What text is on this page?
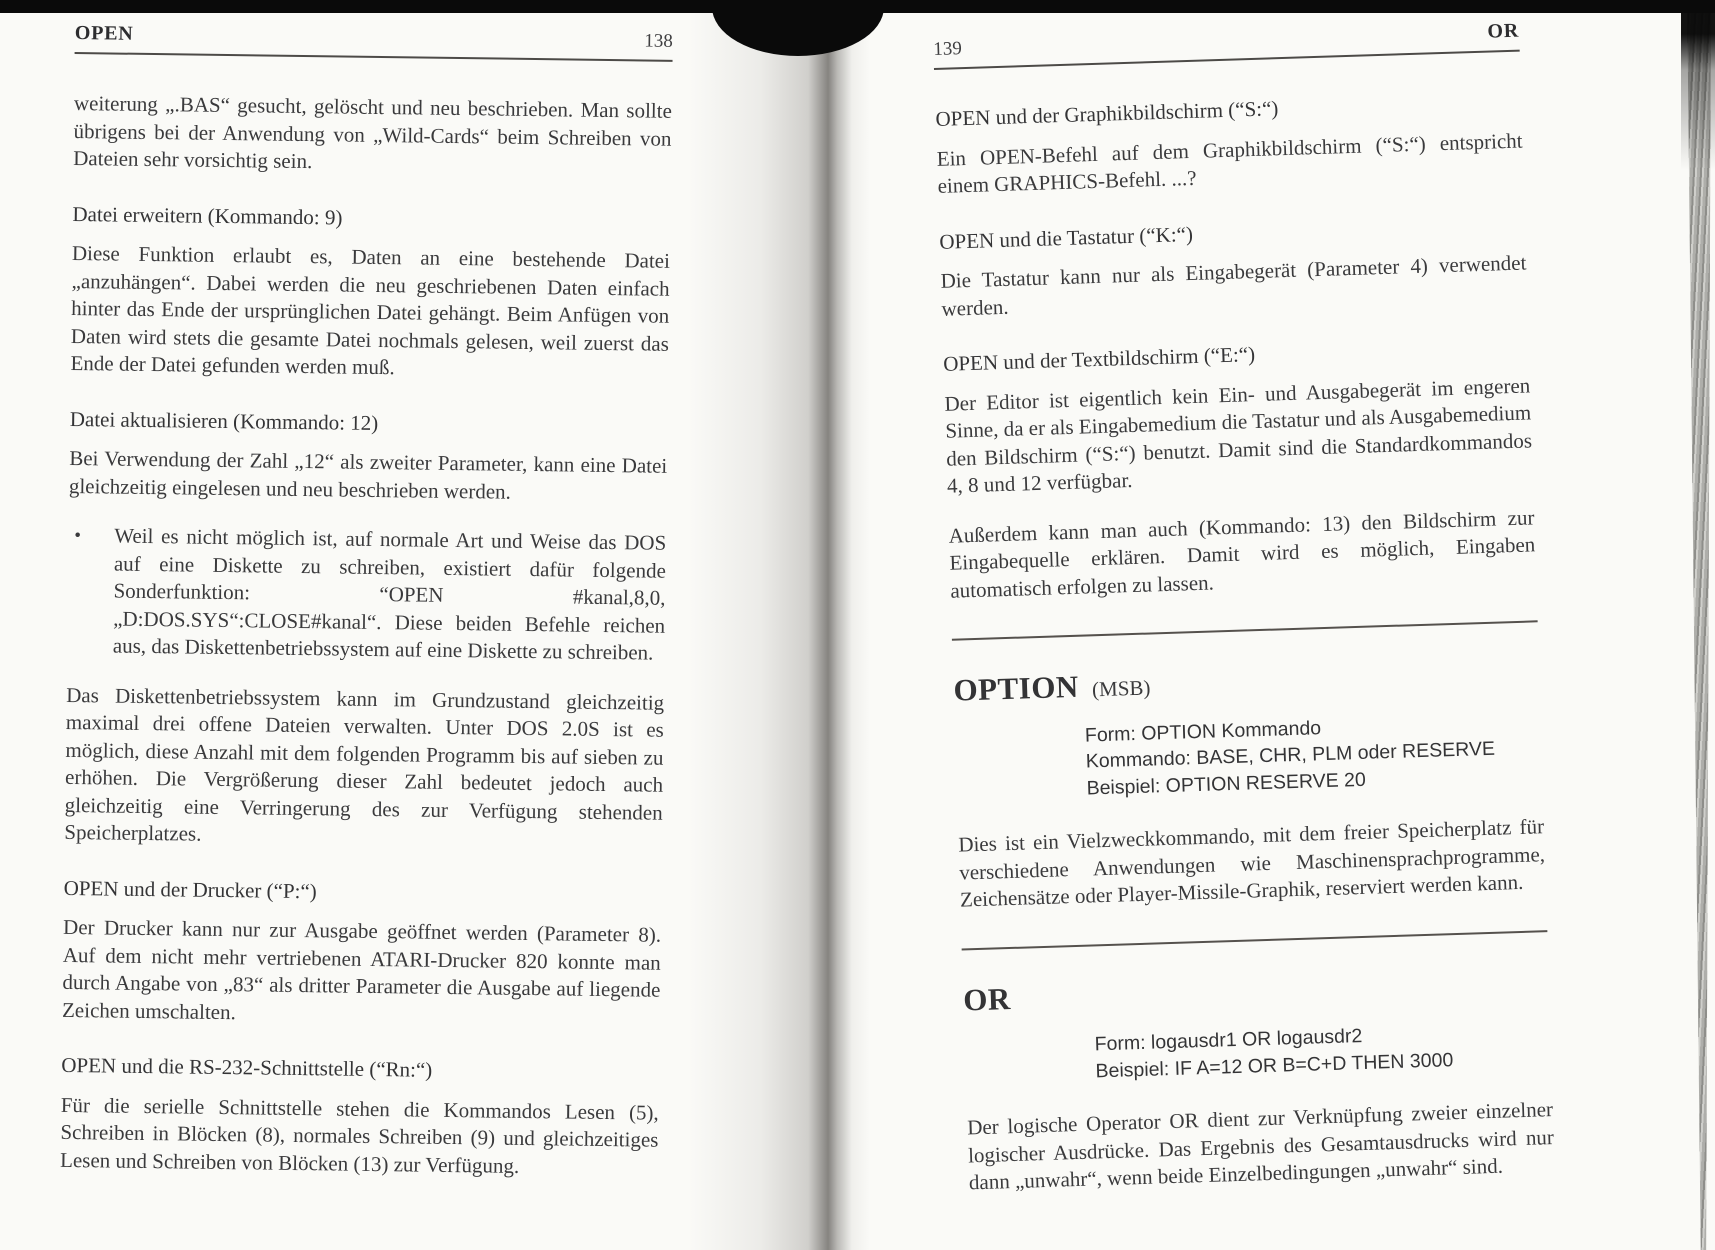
OPEN	138

weiterung „.BAS“ gesucht, gelöscht und neu beschrieben. Man sollte übrigens bei der Anwendung von „Wild-Cards“ beim Schreiben von Dateien sehr vorsichtig sein.

Datei erweitern (Kommando: 9)

Diese Funktion erlaubt es, Daten an eine bestehende Datei „anzuhängen“. Dabei werden die neu geschriebenen Daten einfach hinter das Ende der ursprünglichen Datei gehängt. Beim Anfügen von Daten wird stets die gesamte Datei nochmals gelesen, weil zuerst das Ende der Datei gefunden werden muß.

Datei aktualisieren (Kommando: 12)

Bei Verwendung der Zahl „12“ als zweiter Parameter, kann eine Datei gleichzeitig eingelesen und neu beschrieben werden.

•	Weil es nicht möglich ist, auf normale Art und Weise das DOS auf eine Diskette zu schreiben, existiert dafür folgende Sonderfunktion: “OPEN #kanal,8,0,„D:DOS.SYS“:CLOSE#kanal“. Diese beiden Befehle reichen aus, das Diskettenbetriebssystem auf eine Diskette zu schreiben.

Das Diskettenbetriebssystem kann im Grundzustand gleichzeitig maximal drei offene Dateien verwalten. Unter DOS 2.0S ist es möglich, diese Anzahl mit dem folgenden Programm bis auf sieben zu erhöhen. Die Vergrößerung dieser Zahl bedeutet jedoch auch gleichzeitig eine Verringerung des zur Verfügung stehenden Speicherplatzes.

OPEN und der Drucker (“P:“)

Der Drucker kann nur zur Ausgabe geöffnet werden (Parameter 8). Auf dem nicht mehr vertriebenen ATARI-Drucker 820 konnte man durch Angabe von „83“ als dritter Parameter die Ausgabe auf liegende Zeichen umschalten.

OPEN und die RS-232-Schnittstelle (“Rn:“)

Für die serielle Schnittstelle stehen die Kommandos Lesen (5), Schreiben in Blöcken (8), normales Schreiben (9) und gleichzeitiges Lesen und Schreiben von Blöcken (13) zur Verfügung.

139
OR

OPEN und der Graphikbildschirm (“S:“)

Ein OPEN-Befehl auf dem Graphikbildschirm (“S:“) entspricht einem GRAPHICS-Befehl. ...?

OPEN und die Tastatur (“K:“)

Die Tastatur kann nur als Eingabegerät (Parameter 4) verwendet werden.

OPEN und der Textbildschirm (“E:“)

Der Editor ist eigentlich kein Ein- und Ausgabegerät im engeren Sinne, da er als Eingabemedium die Tastatur und als Ausgabemedium den Bildschirm (“S:“) benutzt. Damit sind die Standardkommandos 4, 8 und 12 verfügbar.

Außerdem kann man auch (Kommando: 13) den Bildschirm zur Eingabequelle erklären. Damit wird es möglich, Eingaben automatisch erfolgen zu lassen.

OPTION (MSB)
Form: OPTION Kommando
Kommando: BASE, CHR, PLM oder RESERVE
Beispiel: OPTION RESERVE 20

Dies ist ein Vielzweckkommando, mit dem freier Speicherplatz für verschiedene Anwendungen wie Maschinensprachprogramme, Zeichensätze oder Player-Missile-Graphik, reserviert werden kann.

OR
Form: logausdr1 OR logausdr2
Beispiel: IF A=12 OR B=C+D THEN 3000

Der logische Operator OR dient zur Verknüpfung zweier einzelner logischer Ausdrücke. Das Ergebnis des Gesamtausdrucks wird nur dann „unwahr“, wenn beide Einzelbedingungen „unwahr“ sind.
